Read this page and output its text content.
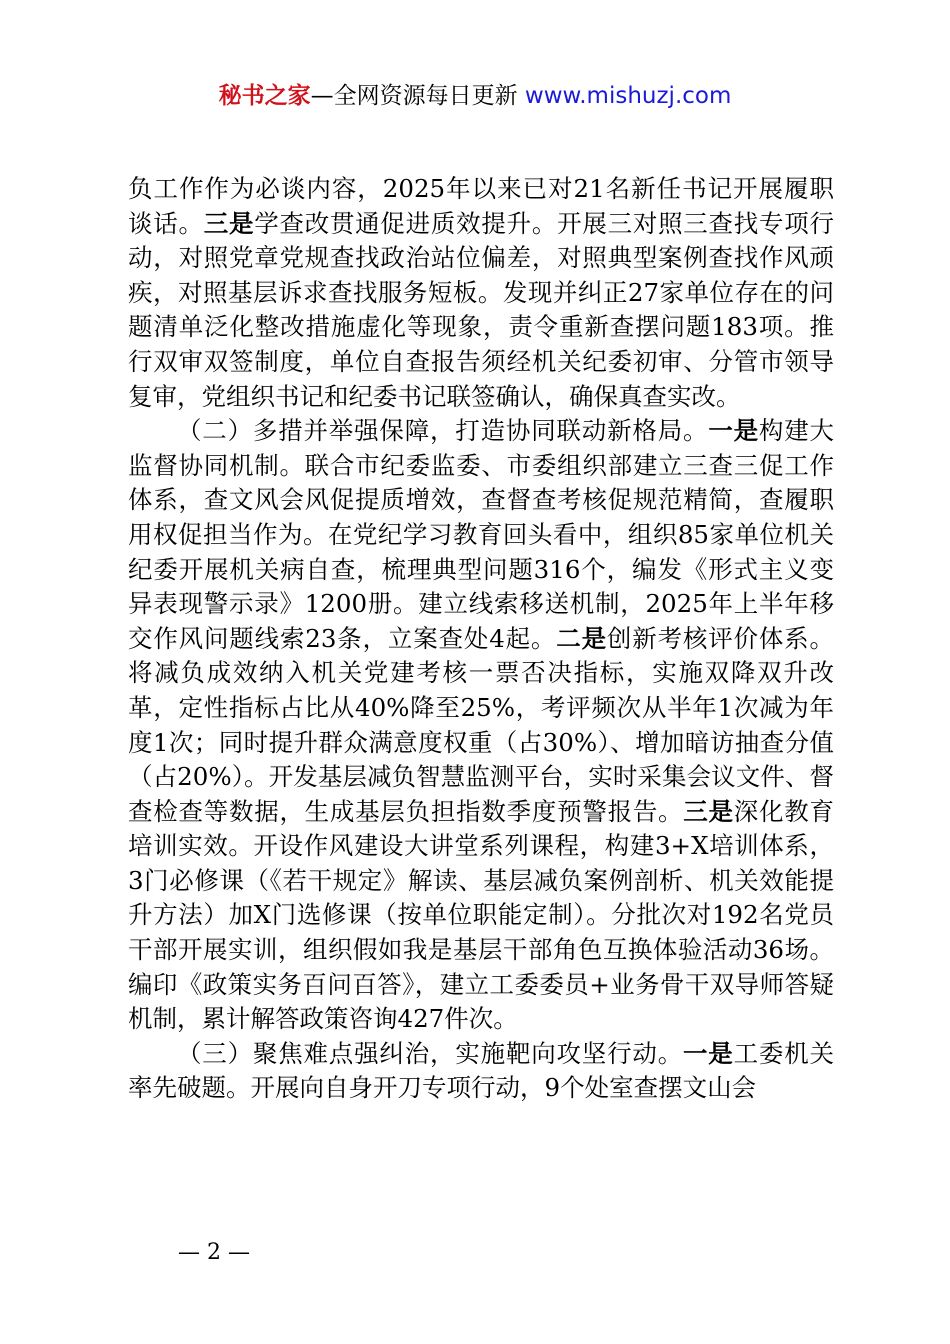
秘书之家—全网资源每日更新 www.mishuzj.com

负工作作为必谈内容，2025年以来已对21名新任书记开展履职谈话。三是学查改贯通促进质效提升。开展三对照三查找专项行动，对照党章党规查找政治站位偏差，对照典型案例查找作风顽疾，对照基层诉求查找服务短板。发现并纠正27家单位存在的问题清单泛化整改措施虚化等现象，责令重新查摆问题183项。推行双审双签制度，单位自查报告须经机关纪委初审、分管市领导复审，党组织书记和纪委书记联签确认，确保真查实改。

（二）多措并举强保障，打造协同联动新格局。一是构建大监督协同机制。联合市纪委监委、市委组织部建立三查三促工作体系，查文风会风促提质增效，查督查考核促规范精简，查履职用权促担当作为。在党纪学习教育回头看中，组织85家单位机关纪委开展机关病自查，梳理典型问题316个，编发《形式主义变异表现警示录》1200册。建立线索移送机制，2025年上半年移交作风问题线索23条，立案查处4起。二是创新考核评价体系。将减负成效纳入机关党建考核一票否决指标，实施双降双升改革，定性指标占比从40%降至25%，考评频次从半年1次减为年度1次；同时提升群众满意度权重（占30%）、增加暗访抽查分值（占20%）。开发基层减负智慧监测平台，实时采集会议文件、督查检查等数据，生成基层负担指数季度预警报告。三是深化教育培训实效。开设作风建设大讲堂系列课程，构建3+X培训体系，3门必修课（《若干规定》解读、基层减负案例剖析、机关效能提升方法）加X门选修课（按单位职能定制）。分批次对192名党员干部开展实训，组织假如我是基层干部角色互换体验活动36场。编印《政策实务百问百答》，建立工委委员+业务骨干双导师答疑机制，累计解答政策咨询427件次。

（三）聚焦难点强纠治，实施靶向攻坚行动。一是工委机关率先破题。开展向自身开刀专项行动，9个处室查摆文山会

— 2 —
